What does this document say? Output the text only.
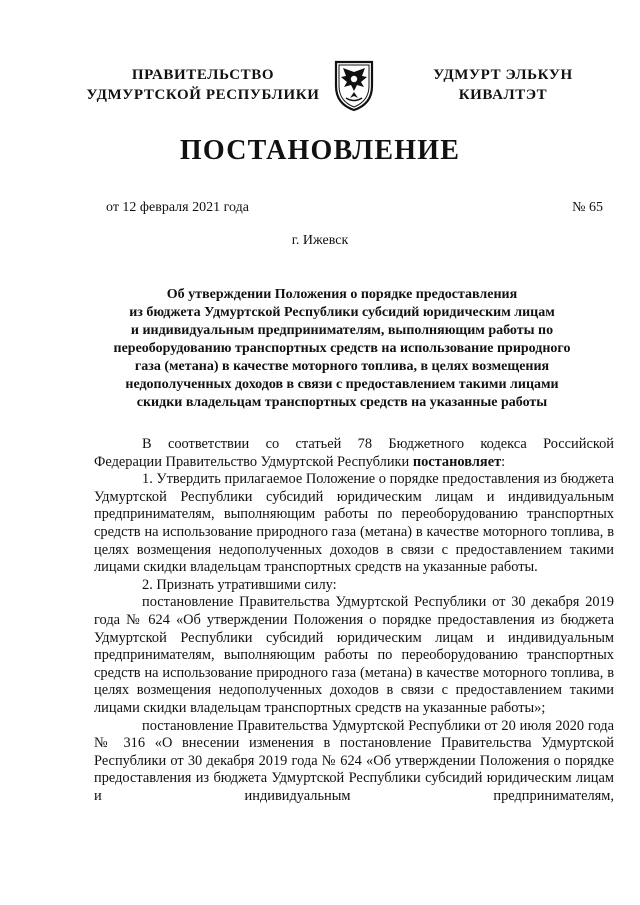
ПРАВИТЕЛЬСТВО
УДМУРТСКОЙ РЕСПУБЛИКИ
УДМУРТ ЭЛЬКУН
КИВАЛТЭТ
ПОСТАНОВЛЕНИЕ
от 12 февраля 2021 года	№ 65
г. Ижевск
Об утверждении Положения о порядке предоставления
из бюджета Удмуртской Республики субсидий юридическим лицам
и индивидуальным предпринимателям, выполняющим работы по
переоборудованию транспортных средств на использование природного
газа (метана) в качестве моторного топлива, в целях возмещения
недополученных доходов в связи с предоставлением такими лицами
скидки владельцам транспортных средств на указанные работы

В соответствии со статьей 78 Бюджетного кодекса Российской

Федерации Правительство Удмуртской Республики постановляет:

1. Утвердить прилагаемое Положение о порядке предоставления из бюджета Удмуртской Республики субсидий юридическим лицам и индивидуальным предпринимателям, выполняющим работы по переоборудованию транспортных средств на использование природного газа (метана) в качестве моторного топлива, в целях возмещения недополученных доходов в связи с предоставлением такими лицами скидки владельцам транспортных средств на указанные работы.

2. Признать утратившими силу:

постановление Правительства Удмуртской Республики от 30 декабря 2019 года № 624 «Об утверждении Положения о порядке предоставления из бюджета Удмуртской Республики субсидий юридическим лицам и индивидуальным предпринимателям, выполняющим работы по переоборудованию транспортных средств на использование природного газа (метана) в качестве моторного топлива, в целях возмещения недополученных доходов в связи с предоставлением такими лицами скидки владельцам транспортных средств на указанные работы»;

постановление Правительства Удмуртской Республики от 20 июля 2020 года № 316 «О внесении изменения в постановление Правительства Удмуртской Республики от 30 декабря 2019 года № 624 «Об утверждении Положения о порядке предоставления из бюджета Удмуртской Республики субсидий юридическим лицам и индивидуальным предпринимателям,
